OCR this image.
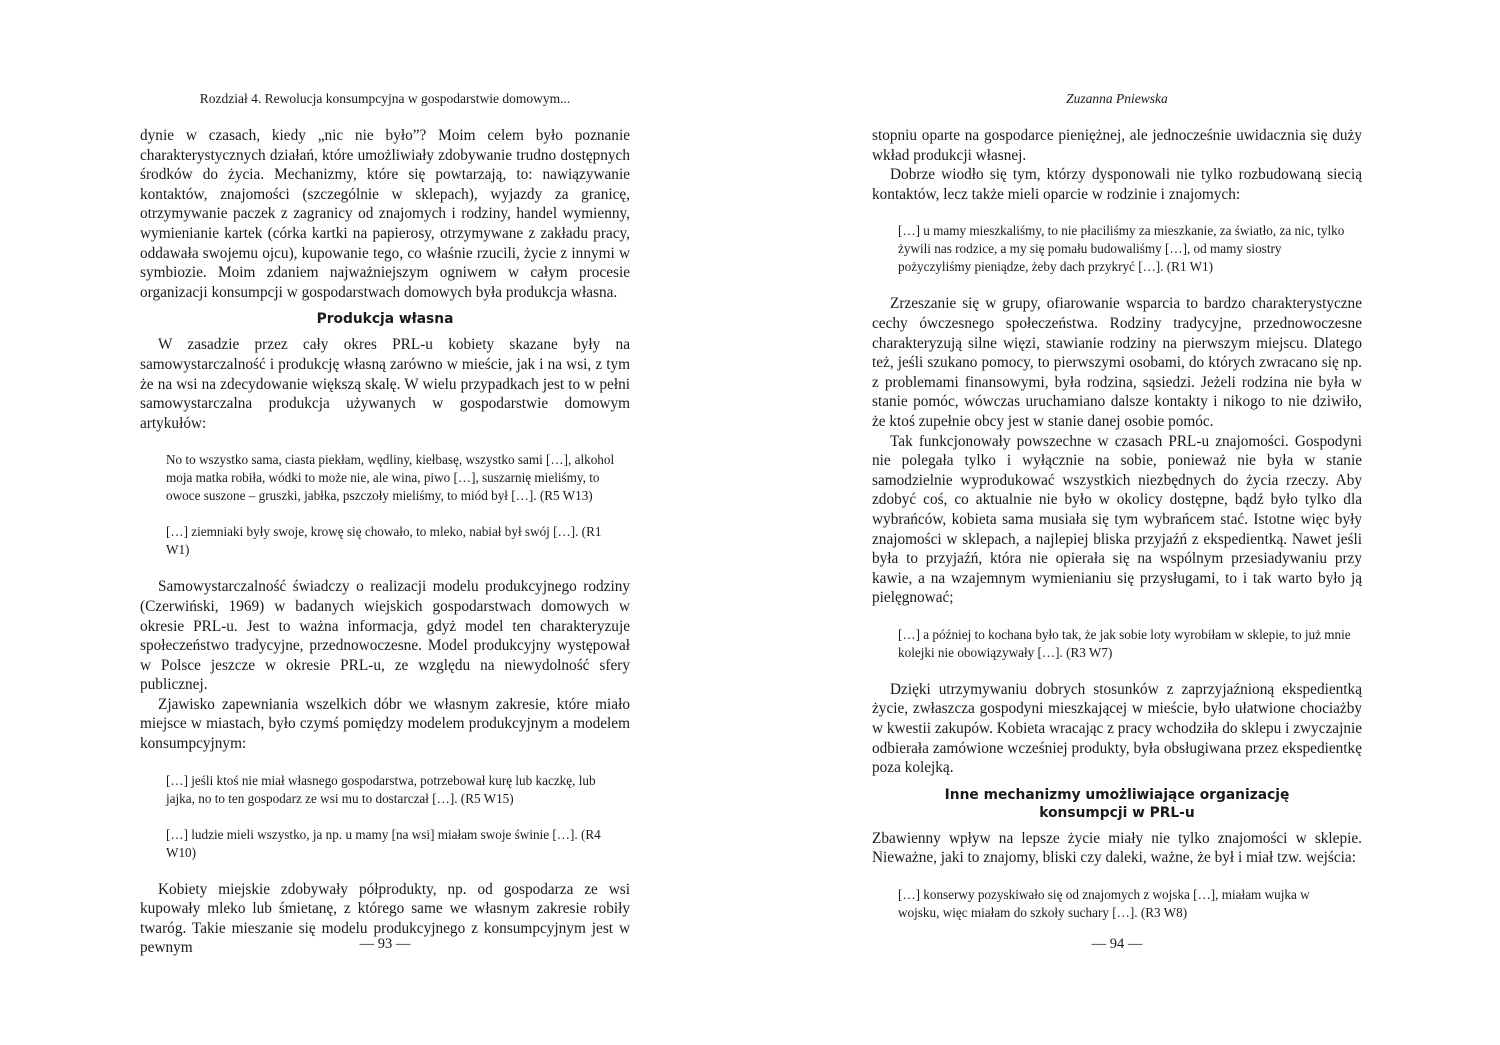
Rozdział 4. Rewolucja konsumpcyjna w gospodarstwie domowym...

dynie w czasach, kiedy „nic nie było”? Moim celem było poznanie charakterystycznych działań, które umożliwiały zdobywanie trudno dostępnych środków do życia. Mechanizmy, które się powtarzają, to: nawiązywanie kontaktów, znajomości (szczególnie w sklepach), wyjazdy za granicę, otrzymywanie paczek z zagranicy od znajomych i rodziny, handel wymienny, wymienianie kartek (córka kartki na papierosy, otrzymywane z zakładu pracy, oddawała swojemu ojcu), kupowanie tego, co właśnie rzucili, życie z innymi w symbiozie. Moim zdaniem najważniejszym ogniwem w całym procesie organizacji konsumpcji w gospodarstwach domowych była produkcja własna.

Produkcja własna

W zasadzie przez cały okres PRL-u kobiety skazane były na samowystarczalność i produkcję własną zarówno w mieście, jak i na wsi, z tym że na wsi na zdecydowanie większą skalę. W wielu przypadkach jest to w pełni samowystarczalna produkcja używanych w gospodarstwie domowym artykułów:

No to wszystko sama, ciasta piekłam, wędliny, kiełbasę, wszystko sami […], alkohol moja matka robiła, wódki to może nie, ale wina, piwo […], suszarnię mieliśmy, to owoce suszone – gruszki, jabłka, pszczoły mieliśmy, to miód był […]. (R5 W13)

[…] ziemniaki były swoje, krowę się chowało, to mleko, nabiał był swój […]. (R1 W1)

Samowystarczalność świadczy o realizacji modelu produkcyjnego rodziny (Czerwiński, 1969) w badanych wiejskich gospodarstwach domowych w okresie PRL-u. Jest to ważna informacja, gdyż model ten charakteryzuje społeczeństwo tradycyjne, przednowoczesne. Model produkcyjny występował w Polsce jeszcze w okresie PRL-u, ze względu na niewydolność sfery publicznej.

Zjawisko zapewniania wszelkich dóbr we własnym zakresie, które miało miejsce w miastach, było czymś pomiędzy modelem produkcyjnym a modelem konsumpcyjnym:

[…] jeśli ktoś nie miał własnego gospodarstwa, potrzebował kurę lub kaczkę, lub jajka, no to ten gospodarz ze wsi mu to dostarczał […]. (R5 W15)

[…] ludzie mieli wszystko, ja np. u mamy [na wsi] miałam swoje świnie […]. (R4 W10)

Kobiety miejskie zdobywały półprodukty, np. od gospodarza ze wsi kupowały mleko lub śmietanę, z którego same we własnym zakresie robiły twaróg. Takie mieszanie się modelu produkcyjnego z konsumpcyjnym jest w pewnym	— 93 —
Zuzanna Pniewska

stopniu oparte na gospodarce pieniężnej, ale jednocześnie uwidacznia się duży wkład produkcji własnej.

Dobrze wiodło się tym, którzy dysponowali nie tylko rozbudowaną siecią kontaktów, lecz także mieli oparcie w rodzinie i znajomych:

[…] u mamy mieszkaliśmy, to nie płaciliśmy za mieszkanie, za światło, za nic, tylko żywili nas rodzice, a my się pomału budowaliśmy […], od mamy siostry pożyczyliśmy pieniądze, żeby dach przykryć […]. (R1 W1)

Zrzeszanie się w grupy, ofiarowanie wsparcia to bardzo charakterystyczne cechy ówczesnego społeczeństwa. Rodziny tradycyjne, przednowoczesne charakteryzują silne więzi, stawianie rodziny na pierwszym miejscu. Dlatego też, jeśli szukano pomocy, to pierwszymi osobami, do których zwracano się np. z problemami finansowymi, była rodzina, sąsiedzi. Jeżeli rodzina nie była w stanie pomóc, wówczas uruchamiano dalsze kontakty i nikogo to nie dziwiło, że ktoś zupełnie obcy jest w stanie danej osobie pomóc.

Tak funkcjonowały powszechne w czasach PRL-u znajomości. Gospodyni nie polegała tylko i wyłącznie na sobie, ponieważ nie była w stanie samodzielnie wyprodukować wszystkich niezbędnych do życia rzeczy. Aby zdobyć coś, co aktualnie nie było w okolicy dostępne, bądź było tylko dla wybrańców, kobieta sama musiała się tym wybrańcem stać. Istotne więc były znajomości w sklepach, a najlepiej bliska przyjaźń z ekspedientką. Nawet jeśli była to przyjaźń, która nie opierała się na wspólnym przesiadywaniu przy kawie, a na wzajemnym wymienianiu się przysługami, to i tak warto było ją pielęgnować;

[…] a później to kochana było tak, że jak sobie loty wyrobiłam w sklepie, to już mnie kolejki nie obowiązywały […]. (R3 W7)

Dzięki utrzymywaniu dobrych stosunków z zaprzyjaźnioną ekspedientką życie, zwłaszcza gospodyni mieszkającej w mieście, było ułatwione chociażby w kwestii zakupów. Kobieta wracając z pracy wchodziła do sklepu i zwyczajnie odbierała zamówione wcześniej produkty, była obsługiwana przez ekspedientkę poza kolejką.

Inne mechanizmy umożliwiające organizację
konsumpcji w PRL-u

Zbawienny wpływ na lepsze życie miały nie tylko znajomości w sklepie. Nieważne, jaki to znajomy, bliski czy daleki, ważne, że był i miał tzw. wejścia:

[…] konserwy pozyskiwało się od znajomych z wojska […], miałam wujka w wojsku, więc miałam do szkoły suchary […]. (R3 W8)

— 94 —
